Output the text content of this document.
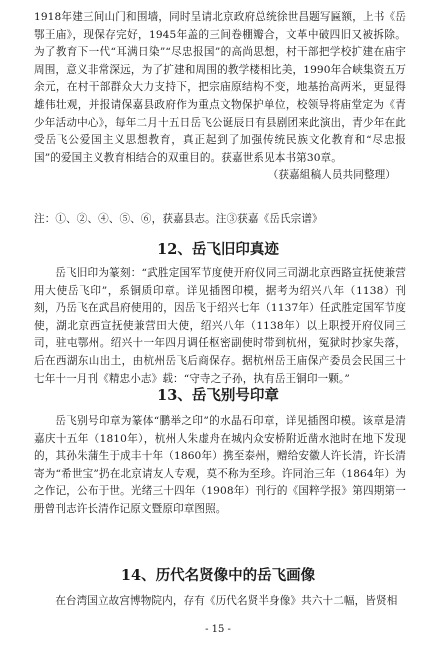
1918年建三间山门和围墙，同时呈请北京政府总统徐世昌题写匾额，上书《岳鄂王庙》，现保存完好，1945年盖的三间卷棚瓣合，文革中破四旧又被拆除。为了教育下一代“耳满日染”“尽忠报国”的高尚思想，村干部把学校扩建在庙宇周围，意义非常深远，为了扩建和周围的教学楼相比美，1990年合峡集资五万余元，在村干部群众大力支持下，把宗庙原结构不变，地基抬高两米，更显得雄伟壮观，并报请保嘉县政府作为重点文物保护单位，校领导将庙堂定为《青少年活动中心》，每年二月十五日岳飞公诞辰日有县剧团来此演出，青少年在此受岳飞公爱国主义思想教育，真正起到了加强传统民族文化教育和“尽忠报国”的爱国主义教育相结合的双重目的。获嘉世系见本书第30章。
（获嘉組稿人员共同整理）

注：①、②、④、⑤、⑥，获嘉县志。注③获嘉《岳氏宗谱》

12、岳飞旧印真迹

岳飞旧印为篆刻：“武胜定国军节度使开府仪同三司湖北京西路宣抚使兼营用大使岳飞印”，系铜质印章。详见插图印模，据考为绍兴八年（1138）刊刻，乃岳飞在武昌府使用的，因岳飞于绍兴七年（1137年）任武胜定国军节度使，湖北京西宣抚使兼营田大使，绍兴八年（1138年）以上职授开府仪同三司，驻屯鄂州。绍兴十一年四月调任枢密副使时带到杭州，冤狱时抄家失落，后在西湖东山出土，由杭州岳飞后商保存。据杭州岳王庙保产委员会民国三十七年十一月刊《精忠小志》载：“守寺之子孙，执有岳王铜印一颗。”

13、岳飞别号印章

岳飞别号印章为篆体“鹏举之印”的水晶石印章，详见插图印模。该章是清嘉庆十五年（1810年），杭州人朱虚舟在城内众安桥附近凿水池时在地下发现的，其孙朱蒲生于成丰十年（1860年）携至泰州，赠给安徽人许长清，许长清寄为“希世宝”扔在北京请友人专观，莫不称为至珍。许同治三年（1864年）为之作记，公布于世。光绪三十四年（1908年）刊行的《国粹学报》第四期第一册曾刊志许长清作记原文暨原印章图照。

14、历代名贤像中的岳飞画像

在台湾国立故宫博物院内，存有《历代名贤半身像》共六十二幅，皆贤相

- 15 -
